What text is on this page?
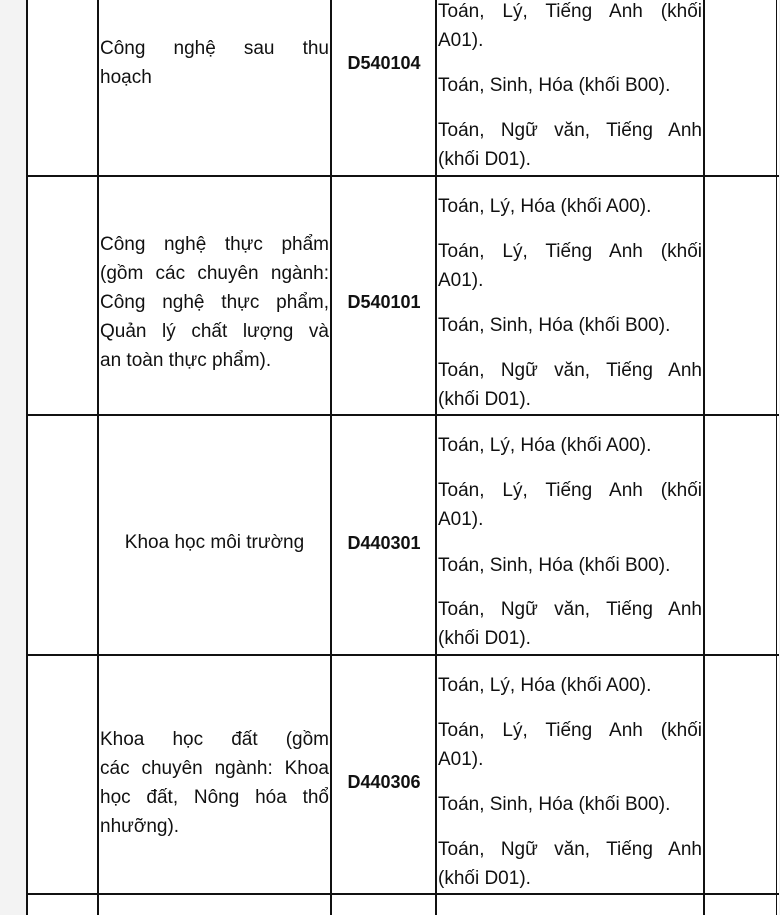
Công nghệ sau thu
hoạch
D540104
Toán, Lý, Tiếng Anh (khối
A01).
Toán, Sinh, Hóa (khối B00).
Toán, Ngữ văn, Tiếng Anh
(khối D01).
Công nghệ thực phẩm
(gồm các chuyên ngành:
Công nghệ thực phẩm,
Quản lý chất lượng và
an toàn thực phẩm).
D540101
Toán, Lý, Hóa (khối A00).
Toán, Lý, Tiếng Anh (khối
A01).
Toán, Sinh, Hóa (khối B00).
Toán, Ngữ văn, Tiếng Anh
(khối D01).
Khoa học môi trường	D440301
Toán, Lý, Hóa (khối A00).
Toán, Lý, Tiếng Anh (khối
A01).
Toán, Sinh, Hóa (khối B00).
Toán, Ngữ văn, Tiếng Anh
(khối D01).
Khoa học đất (gồm
các chuyên ngành: Khoa
học đất, Nông hóa thổ
nhưỡng).
D440306
Toán, Lý, Hóa (khối A00).
Toán, Lý, Tiếng Anh (khối
A01).
Toán, Sinh, Hóa (khối B00).
Toán, Ngữ văn, Tiếng Anh
(khối D01).
